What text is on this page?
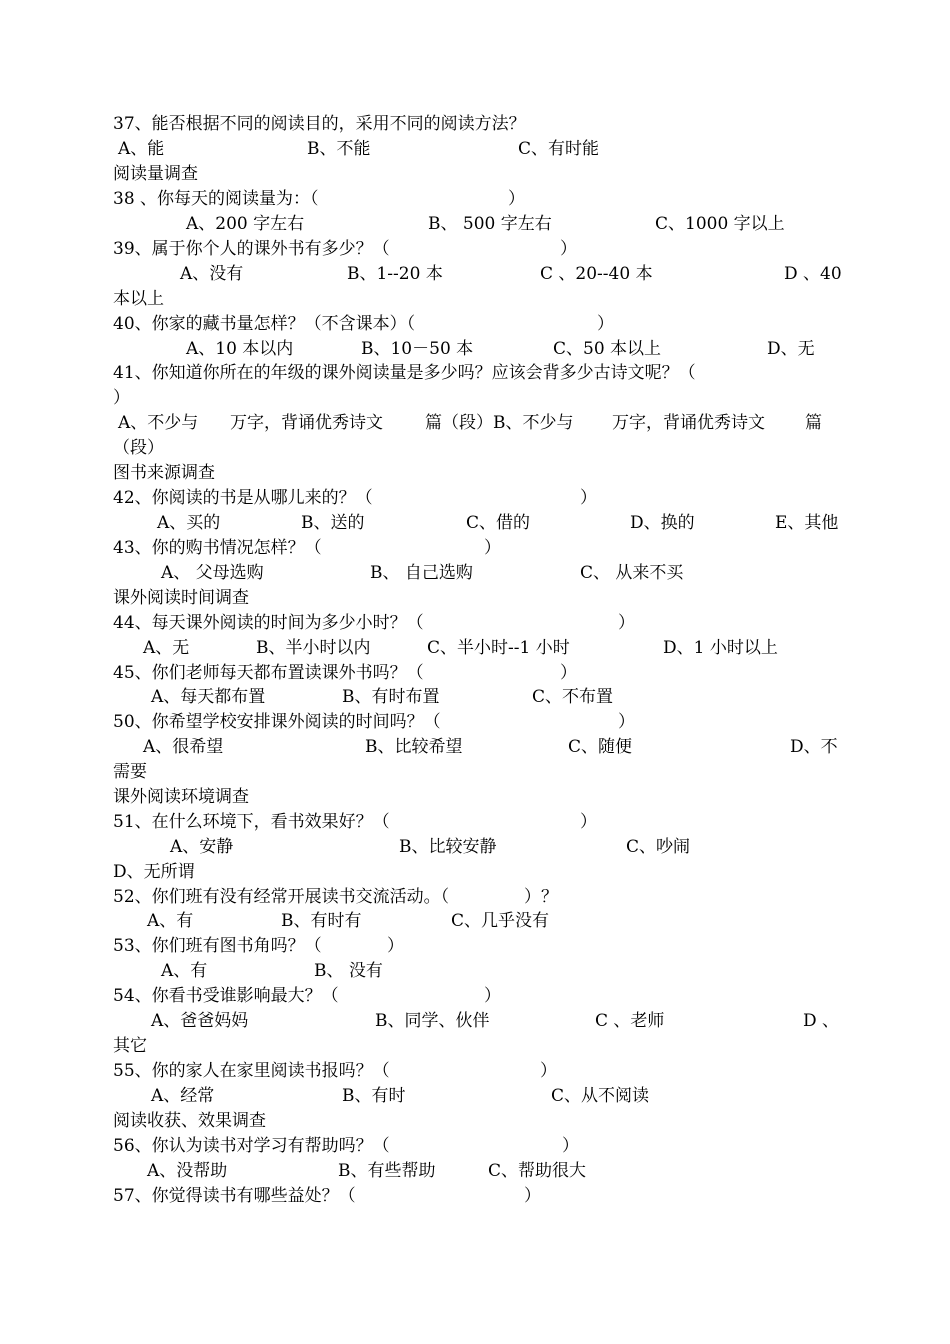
37、能否根据不同的阅读目的，采用不同的阅读方法？
A、能	B、不能	C、有时能
阅读量调查
38 、你每天的阅读量为：（	）
A、200 字左右	B、 500 字左右	C、1000 字以上
39、属于你个人的课外书有多少？（	）
A、没有	B、1--20 本	C 、20--40 本	D 、40
本以上
40、你家的藏书量怎样？（不含课本）（	）
A、10 本以内	B、10－50 本	C、50 本以上	D、无
41、你知道你所在的年级的课外阅读量是多少吗？应该会背多少古诗文呢？（
）
A、不少与 万字，背诵优秀诗文 篇（段）B、不少与 万字，背诵优秀诗文 篇
（段）
图书来源调查
42、你阅读的书是从哪儿来的？（	）
A、买的	B、送的	C、借的	D、换的	E、其他
43、你的购书情况怎样？（	）
A、 父母选购	B、 自己选购	C、 从来不买
课外阅读时间调查
44、每天课外阅读的时间为多少小时？（	）
A、无	B、半小时以内	C、半小时--1 小时	D、1 小时以上
45、你们老师每天都布置读课外书吗？（	）
A、每天都布置	B、有时布置	C、不布置
50、你希望学校安排课外阅读的时间吗？（	）
A、很希望	B、比较希望	C、随便	D、不
需要
课外阅读环境调查
51、在什么环境下，看书效果好？（	）
A、安静	B、比较安静	C、吵闹
D、无所谓
52、你们班有没有经常开展读书交流活动。（	）？
A、有	B、有时有	C、几乎没有
53、你们班有图书角吗？（	）
A、有	B、 没有
54、你看书受谁影响最大？（	）
A、爸爸妈妈	B、同学、伙伴	C 、老师	D 、
其它
55、你的家人在家里阅读书报吗？（	）
A、经常	B、有时	C、从不阅读
阅读收获、效果调查
56、你认为读书对学习有帮助吗？（	）
A、没帮助	B、有些帮助	C、帮助很大
57、你觉得读书有哪些益处？（	）
